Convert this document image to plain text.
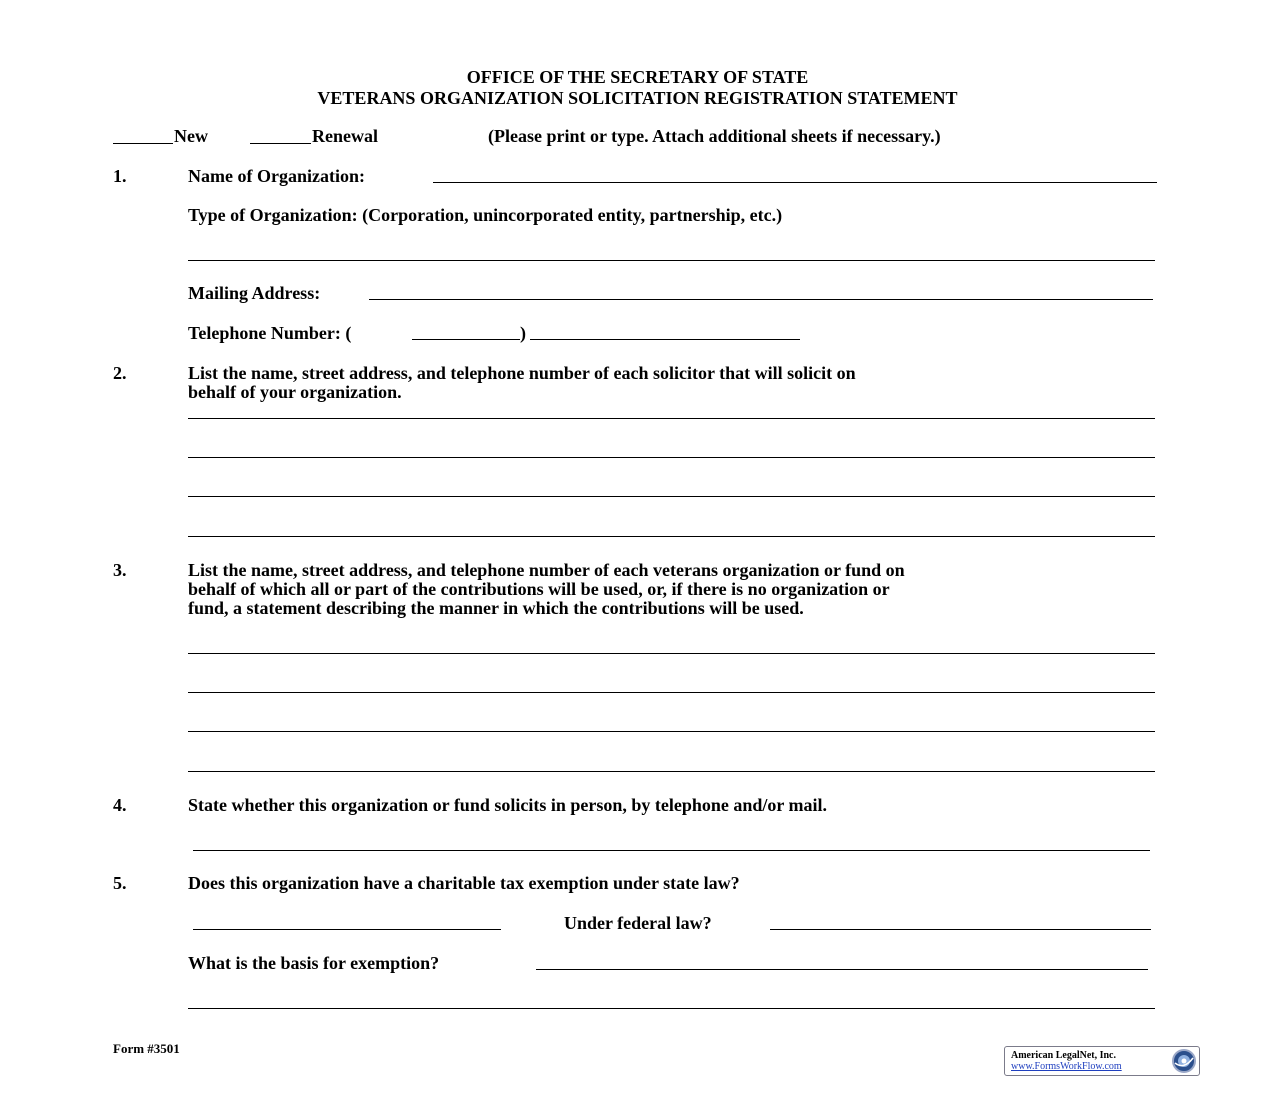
OFFICE OF THE SECRETARY OF STATE
VETERANS ORGANIZATION SOLICITATION REGISTRATION STATEMENT
New	Renewal	(Please print or type. Attach additional sheets if necessary.)
1.	Name of Organization:
Type of Organization: (Corporation, unincorporated entity, partnership, etc.)
Mailing Address:
Telephone Number: (	)
2.	List the name, street address, and telephone number of each solicitor that will solicit on
behalf of your organization.
3.	List the name, street address, and telephone number of each veterans organization or fund on
behalf of which all or part of the contributions will be used, or, if there is no organization or
fund, a statement describing the manner in which the contributions will be used.
4.	State whether this organization or fund solicits in person, by telephone and/or mail.
5.	Does this organization have a charitable tax exemption under state law?
Under federal law?
What is the basis for exemption?
Form #3501	American LegalNet, Inc.
www.FormsWorkFlow.com
